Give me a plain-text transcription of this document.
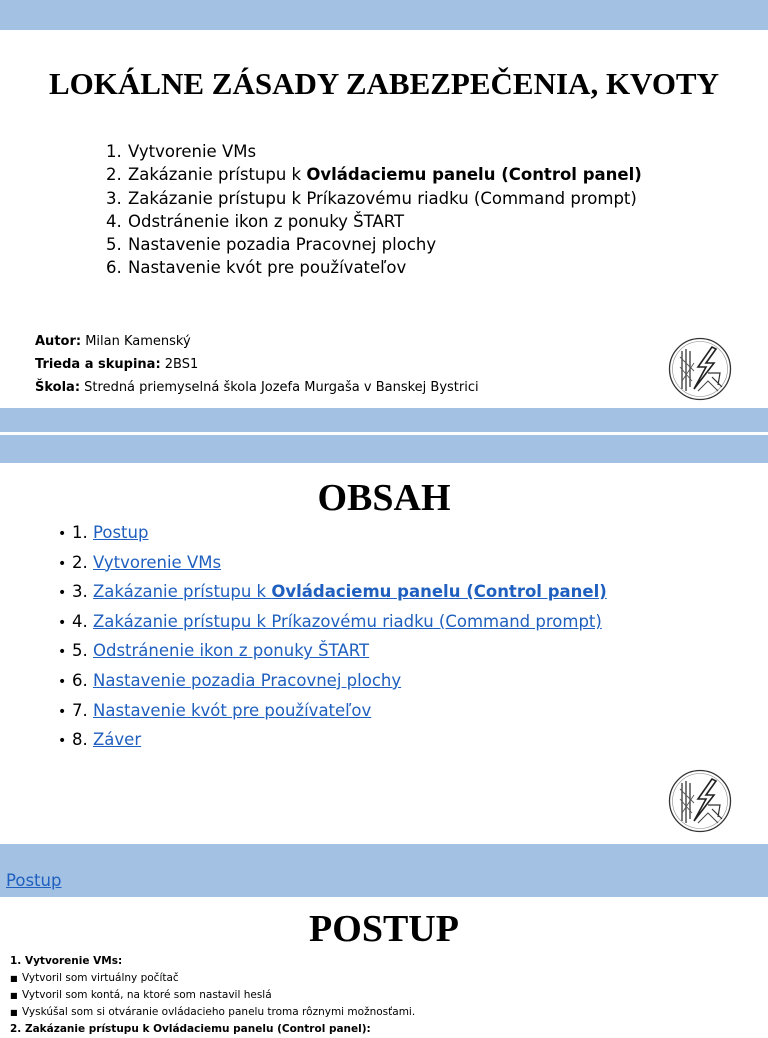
LOKÁLNE ZÁSADY ZABEZPEČENIA, KVOTY
1. Vytvorenie VMs
2. Zakázanie prístupu k Ovládaciemu panelu (Control panel)
3. Zakázanie prístupu k Príkazovému riadku (Command prompt)
4. Odstránenie ikon z ponuky ŠTART
5. Nastavenie pozadia Pracovnej plochy
6. Nastavenie kvót pre používateľov
Autor: Milan Kamenský
Trieda a skupina: 2BS1
Škola: Stredná priemyselná škola Jozefa Murgaša v Banskej Bystrici
OBSAH
• 1. Postup
• 2. Vytvorenie VMs
• 3. Zakázanie prístupu k Ovládaciemu panelu (Control panel)
• 4. Zakázanie prístupu k Príkazovému riadku (Command prompt)
• 5. Odstránenie ikon z ponuky ŠTART
• 6. Nastavenie pozadia Pracovnej plochy
• 7. Nastavenie kvót pre používateľov
• 8. Záver
Postup
POSTUP
1. Vytvorenie VMs:
■ Vytvoril som virtuálny počítač
■ Vytvoril som kontá, na ktoré som nastavil heslá
■ Vyskúšal som si otváranie ovládacieho panelu troma rôznymi možnosťami.
2. Zakázanie prístupu k Ovládaciemu panelu (Control panel):
